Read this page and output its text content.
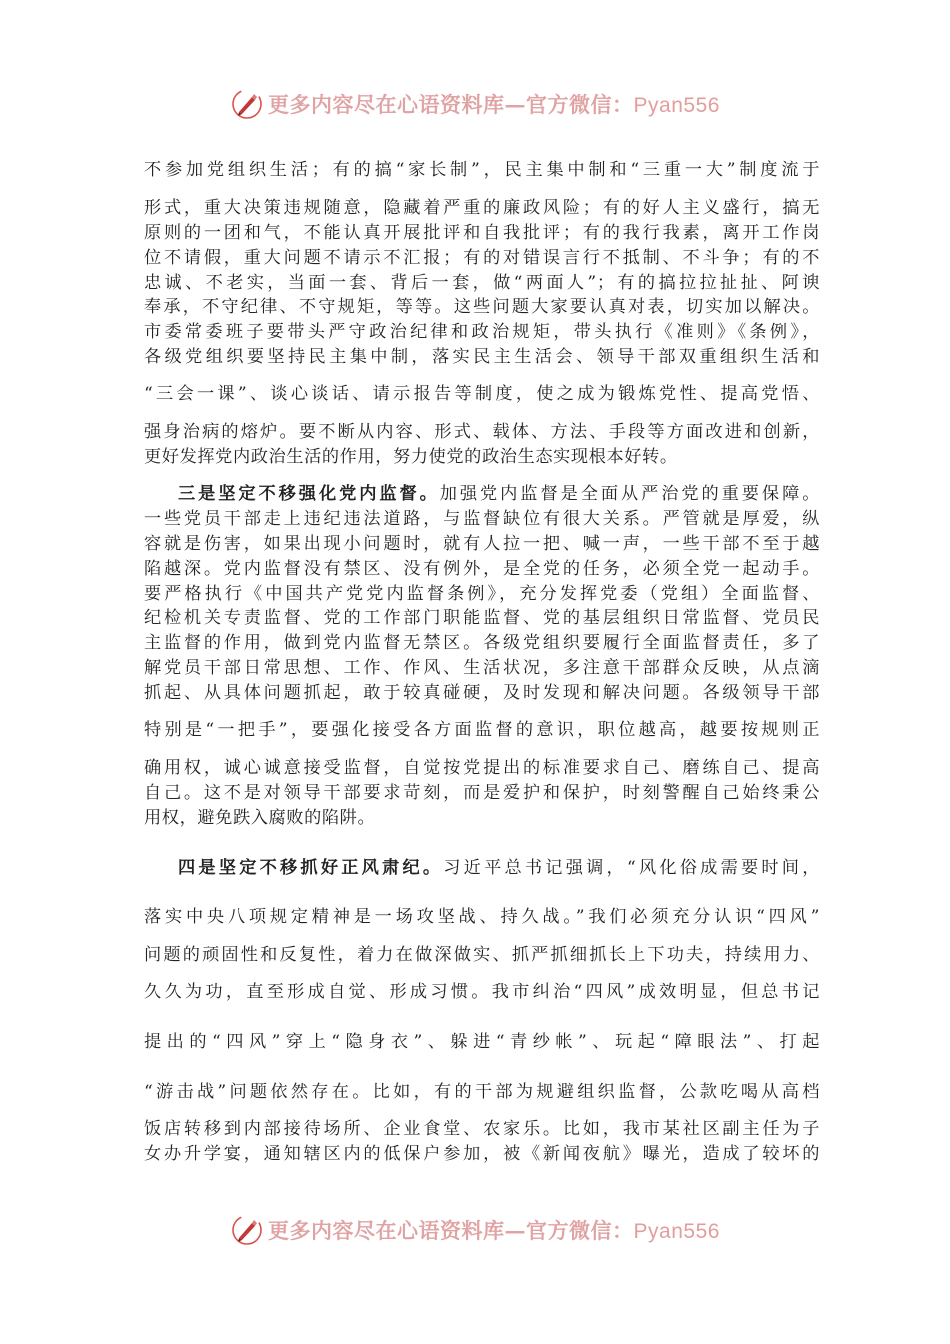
更多内容尽在心语资料库—官方微信：Pyan556
不参加党组织生活；有的搞“家长制”，民主集中制和“三重一大”制度流于
形式，重大决策违规随意，隐藏着严重的廉政风险；有的好人主义盛行，搞无
原则的一团和气，不能认真开展批评和自我批评；有的我行我素，离开工作岗
位不请假，重大问题不请示不汇报；有的对错误言行不抵制、不斗争；有的不
忠诚、不老实，当面一套、背后一套，做“两面人”；有的搞拉拉扯扯、阿谀
奉承，不守纪律、不守规矩，等等。这些问题大家要认真对表，切实加以解决。
市委常委班子要带头严守政治纪律和政治规矩，带头执行《准则》《条例》，
各级党组织要坚持民主集中制，落实民主生活会、领导干部双重组织生活和
“三会一课”、谈心谈话、请示报告等制度，使之成为锻炼党性、提高党悟、
强身治病的熔炉。要不断从内容、形式、载体、方法、手段等方面改进和创新，
更好发挥党内政治生活的作用，努力使党的政治生态实现根本好转。
三是坚定不移强化党内监督。加强党内监督是全面从严治党的重要保障。
一些党员干部走上违纪违法道路，与监督缺位有很大关系。严管就是厚爱，纵
容就是伤害，如果出现小问题时，就有人拉一把、喊一声，一些干部不至于越
陷越深。党内监督没有禁区、没有例外，是全党的任务，必须全党一起动手。
要严格执行《中国共产党党内监督条例》，充分发挥党委（党组）全面监督、
纪检机关专责监督、党的工作部门职能监督、党的基层组织日常监督、党员民
主监督的作用，做到党内监督无禁区。各级党组织要履行全面监督责任，多了
解党员干部日常思想、工作、作风、生活状况，多注意干部群众反映，从点滴
抓起、从具体问题抓起，敢于较真碰硬，及时发现和解决问题。各级领导干部
特别是“一把手”，要强化接受各方面监督的意识，职位越高，越要按规则正
确用权，诚心诚意接受监督，自觉按党提出的标准要求自己、磨练自己、提高
自己。这不是对领导干部要求苛刻，而是爱护和保护，时刻警醒自己始终秉公
用权，避免跌入腐败的陷阱。
四是坚定不移抓好正风肃纪。习近平总书记强调，“风化俗成需要时间，
落实中央八项规定精神是一场攻坚战、持久战。”我们必须充分认识“四风”
问题的顽固性和反复性，着力在做深做实、抓严抓细抓长上下功夫，持续用力、
久久为功，直至形成自觉、形成习惯。我市纠治“四风”成效明显，但总书记
提出的“四风”穿上“隐身衣”、躲进“青纱帐”、玩起“障眼法”、打起
“游击战”问题依然存在。比如，有的干部为规避组织监督，公款吃喝从高档
饭店转移到内部接待场所、企业食堂、农家乐。比如，我市某社区副主任为子
女办升学宴，通知辖区内的低保户参加，被《新闻夜航》曝光，造成了较坏的
更多内容尽在心语资料库—官方微信：Pyan556
